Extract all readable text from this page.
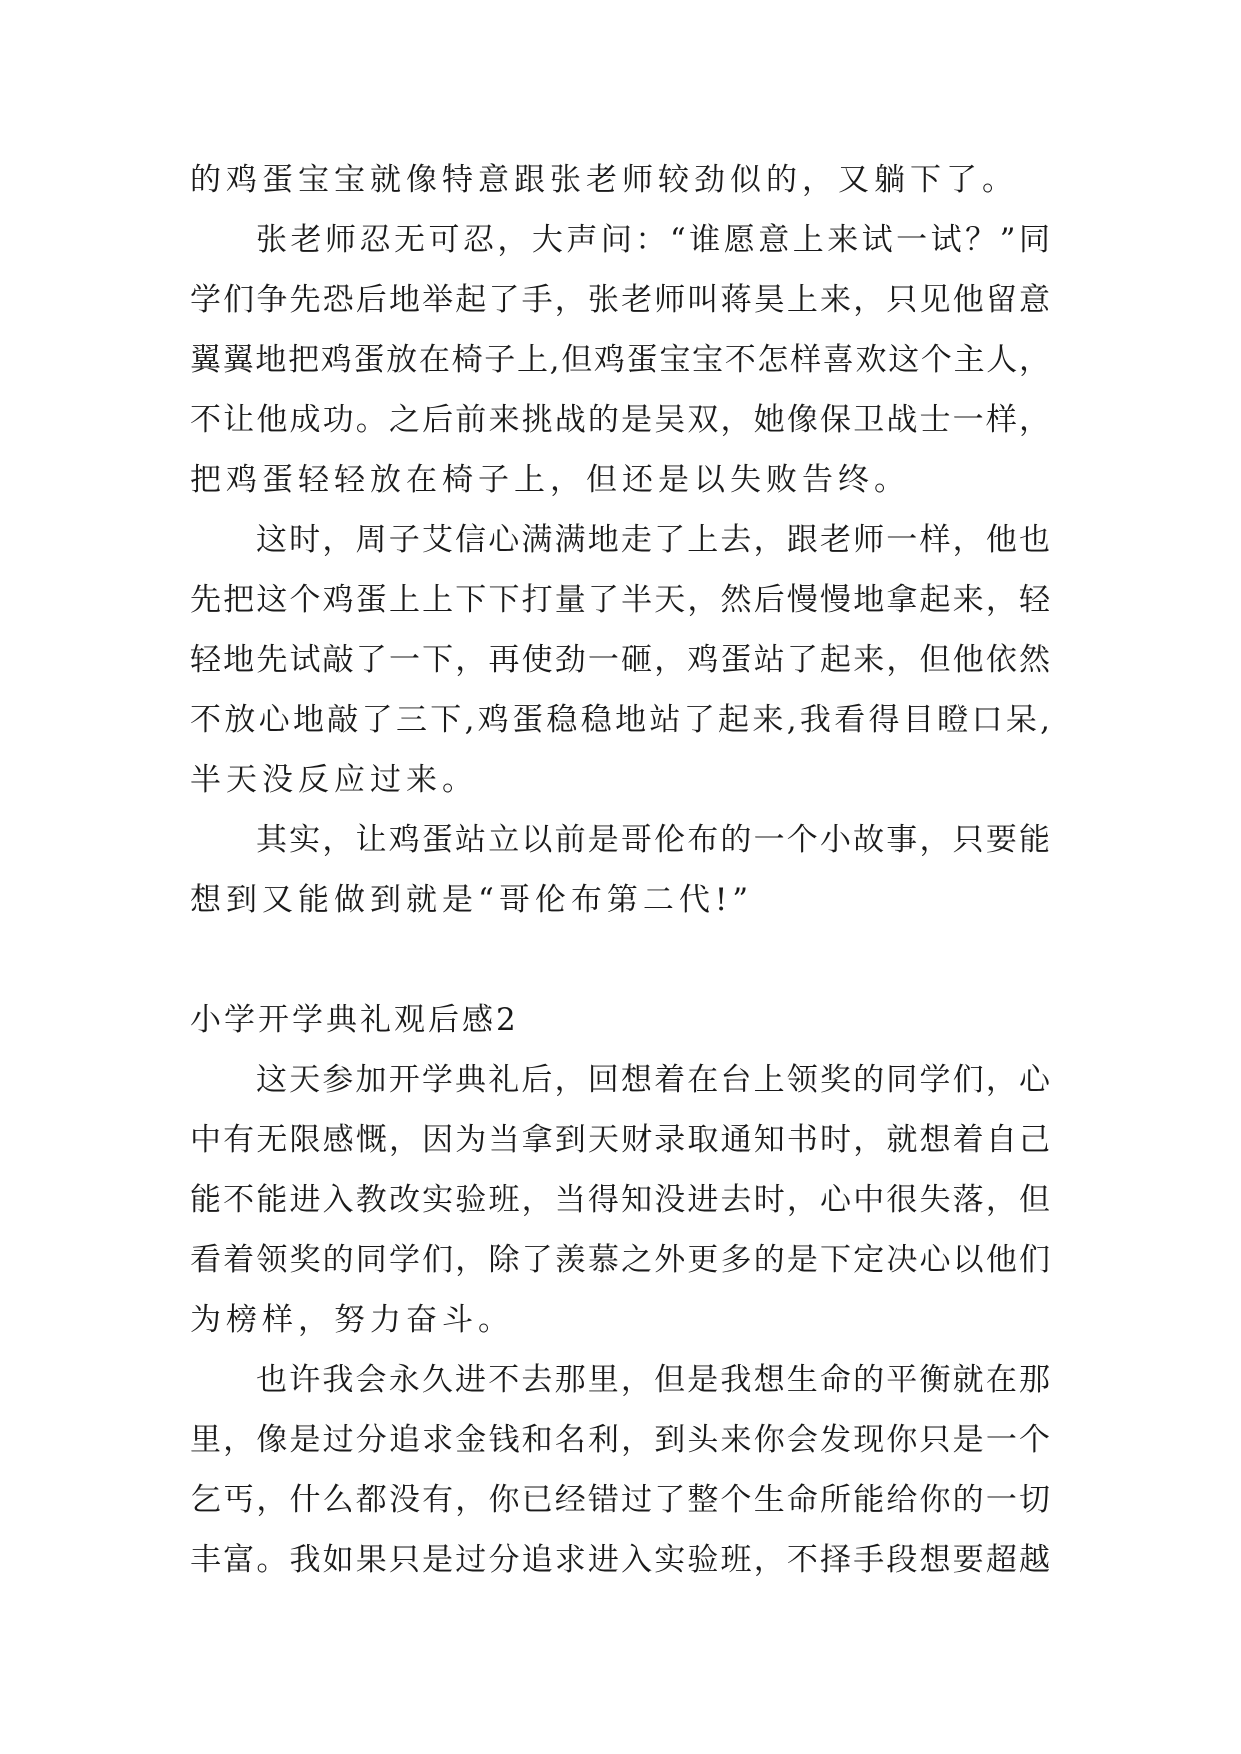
的鸡蛋宝宝就像特意跟张老师较劲似的，又躺下了。
张老师忍无可忍，大声问：“谁愿意上来试一试？”同
学们争先恐后地举起了手，张老师叫蒋昊上来，只见他留意
翼翼地把鸡蛋放在椅子上,但鸡蛋宝宝不怎样喜欢这个主人，
不让他成功。之后前来挑战的是吴双，她像保卫战士一样，
把鸡蛋轻轻放在椅子上，但还是以失败告终。
这时，周子艾信心满满地走了上去，跟老师一样，他也
先把这个鸡蛋上上下下打量了半天，然后慢慢地拿起来，轻
轻地先试敲了一下，再使劲一砸，鸡蛋站了起来，但他依然
不放心地敲了三下,鸡蛋稳稳地站了起来,我看得目瞪口呆,
半天没反应过来。
其实，让鸡蛋站立以前是哥伦布的一个小故事，只要能
想到又能做到就是“哥伦布第二代!”
小学开学典礼观后感2
这天参加开学典礼后，回想着在台上领奖的同学们，心
中有无限感慨，因为当拿到天财录取通知书时，就想着自己
能不能进入教改实验班，当得知没进去时，心中很失落，但
看着领奖的同学们，除了羡慕之外更多的是下定决心以他们
为榜样，努力奋斗。
也许我会永久进不去那里，但是我想生命的平衡就在那
里，像是过分追求金钱和名利，到头来你会发现你只是一个
乞丐，什么都没有，你已经错过了整个生命所能给你的一切
丰富。我如果只是过分追求进入实验班，不择手段想要超越
